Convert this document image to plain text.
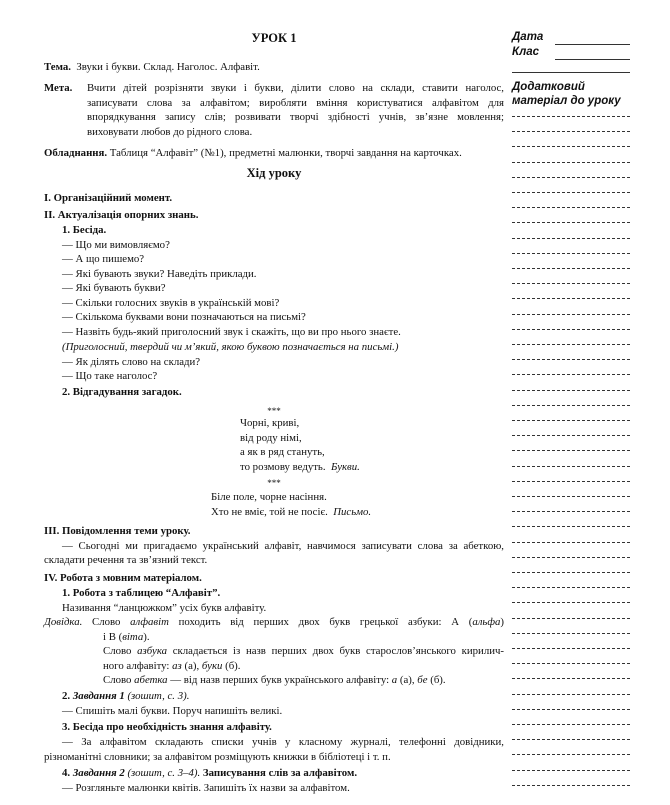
УРОК 1
Тема. Звуки і букви. Склад. Наголос. Алфавіт.
Мета. Вчити дітей розрізняти звуки і букви, ділити слово на склади, ставити наголос,
записувати слова за алфавітом; виробляти вміння користуватися алфавітом для
впорядкування запису слів; розвивати творчі здібності учнів, зв’язне мовлення;
виховувати любов до рідного слова.
Обладнання. Таблиця “Алфавіт” (№1), предметні малюнки, творчі завдання на карточках.
Хід уроку
I. Організаційний момент.
II. Актуалізація опорних знань.
1. Бесіда.
— Що ми вимовляємо?
— А що пишемо?
— Які бувають звуки? Наведіть приклади.
— Які бувають букви?
— Скільки голосних звуків в українській мові?
— Скількома буквами вони позначаються на письмі?
— Назвіть будь-який приголосний звук і скажіть, що ви про нього знаєте.
(Приголосний, твердий чи м’який, якою буквою позначається на письмі.)
— Як ділять слово на склади?
— Що таке наголос?
2. Відгадування загадок.
***
Чорні, криві,
від роду німі,
а як в ряд стануть,
то розмову ведуть. Букви.
***
Біле поле, чорне насіння.
Хто не вміє, той не посіє. Письмо.
III. Повідомлення теми уроку.
— Сьогодні ми пригадаємо український алфавіт, навчимося записувати слова за абеткою,
складати речення та зв’язний текст.
IV. Робота з мовним матеріалом.
1. Робота з таблицею “Алфавіт”.
Називання “ланцюжком” усіх букв алфавіту.
Довідка. Слово алфавіт походить від перших двох букв грецької азбуки: А (альфа)
і В (віта).
Слово азбука складається із назв перших двох букв старослов’янського кирилич-
ного алфавіту: аз (а), буки (б).
Слово абетка — від назв перших букв українського алфавіту: а (а), бе (б).
2. Завдання 1 (зошит, с. 3).
— Спишіть малі букви. Поруч напишіть великі.
3. Бесіда про необхідність знання алфавіту.
— За алфавітом складають списки учнів у класному журналі, телефонні довідники,
різноманітні словники; за алфавітом розміщують книжки в бібліотеці і т. п.
4. Завдання 2 (зошит, с. 3–4). Записування слів за алфавітом.
— Розгляньте малюнки квітів. Запишіть їх назви за алфавітом.
Дата
Клас
Додатковий
матеріал до уроку
